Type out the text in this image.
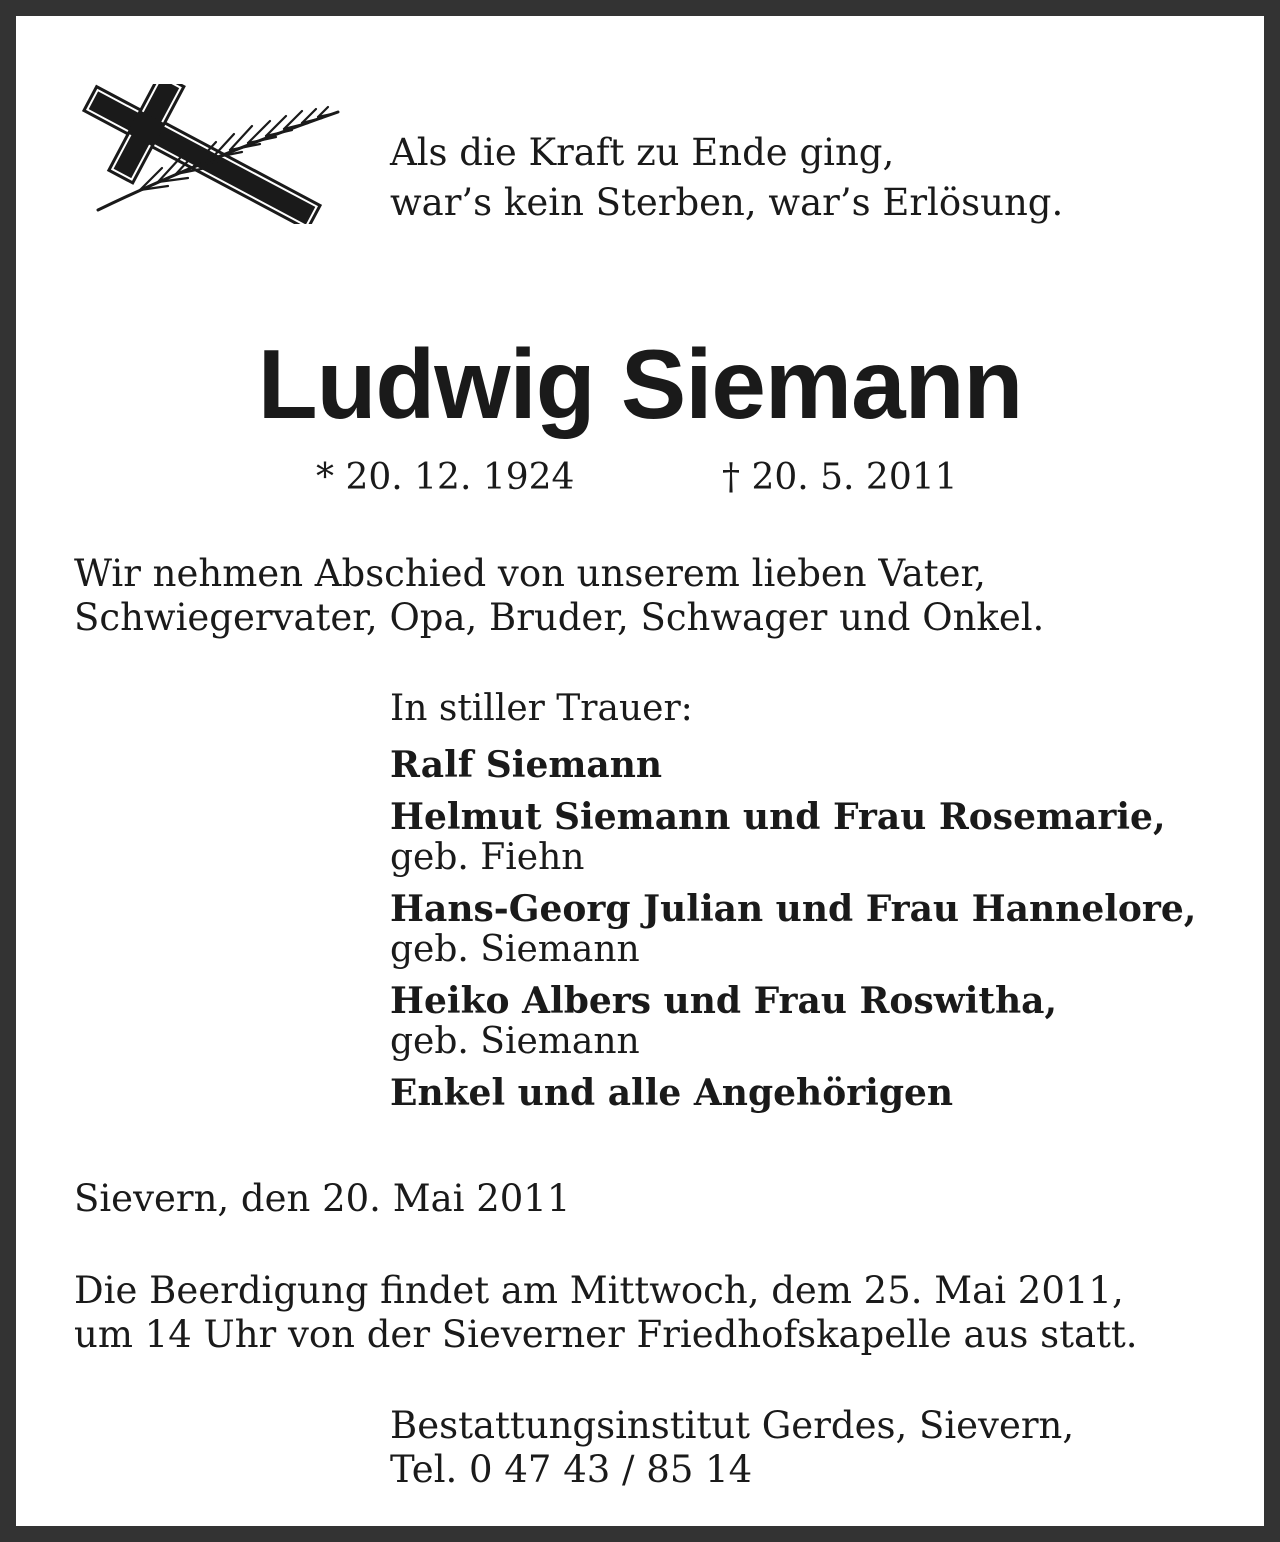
Als die Kraft zu Ende ging,
war’s kein Sterben, war’s Erlösung.
Ludwig Siemann
* 20. 12. 1924	† 20. 5. 2011
Wir nehmen Abschied von unserem lieben Vater,
Schwiegervater, Opa, Bruder, Schwager und Onkel.
In stiller Trauer:
Ralf Siemann
Helmut Siemann und Frau Rosemarie,
geb. Fiehn
Hans-Georg Julian und Frau Hannelore,
geb. Siemann
Heiko Albers und Frau Roswitha,
geb. Siemann
Enkel und alle Angehörigen
Sievern, den 20. Mai 2011
Die Beerdigung findet am Mittwoch, dem 25. Mai 2011,
um 14 Uhr von der Sieverner Friedhofskapelle aus statt.
Bestattungsinstitut Gerdes, Sievern,
Tel. 0 47 43 / 85 14
